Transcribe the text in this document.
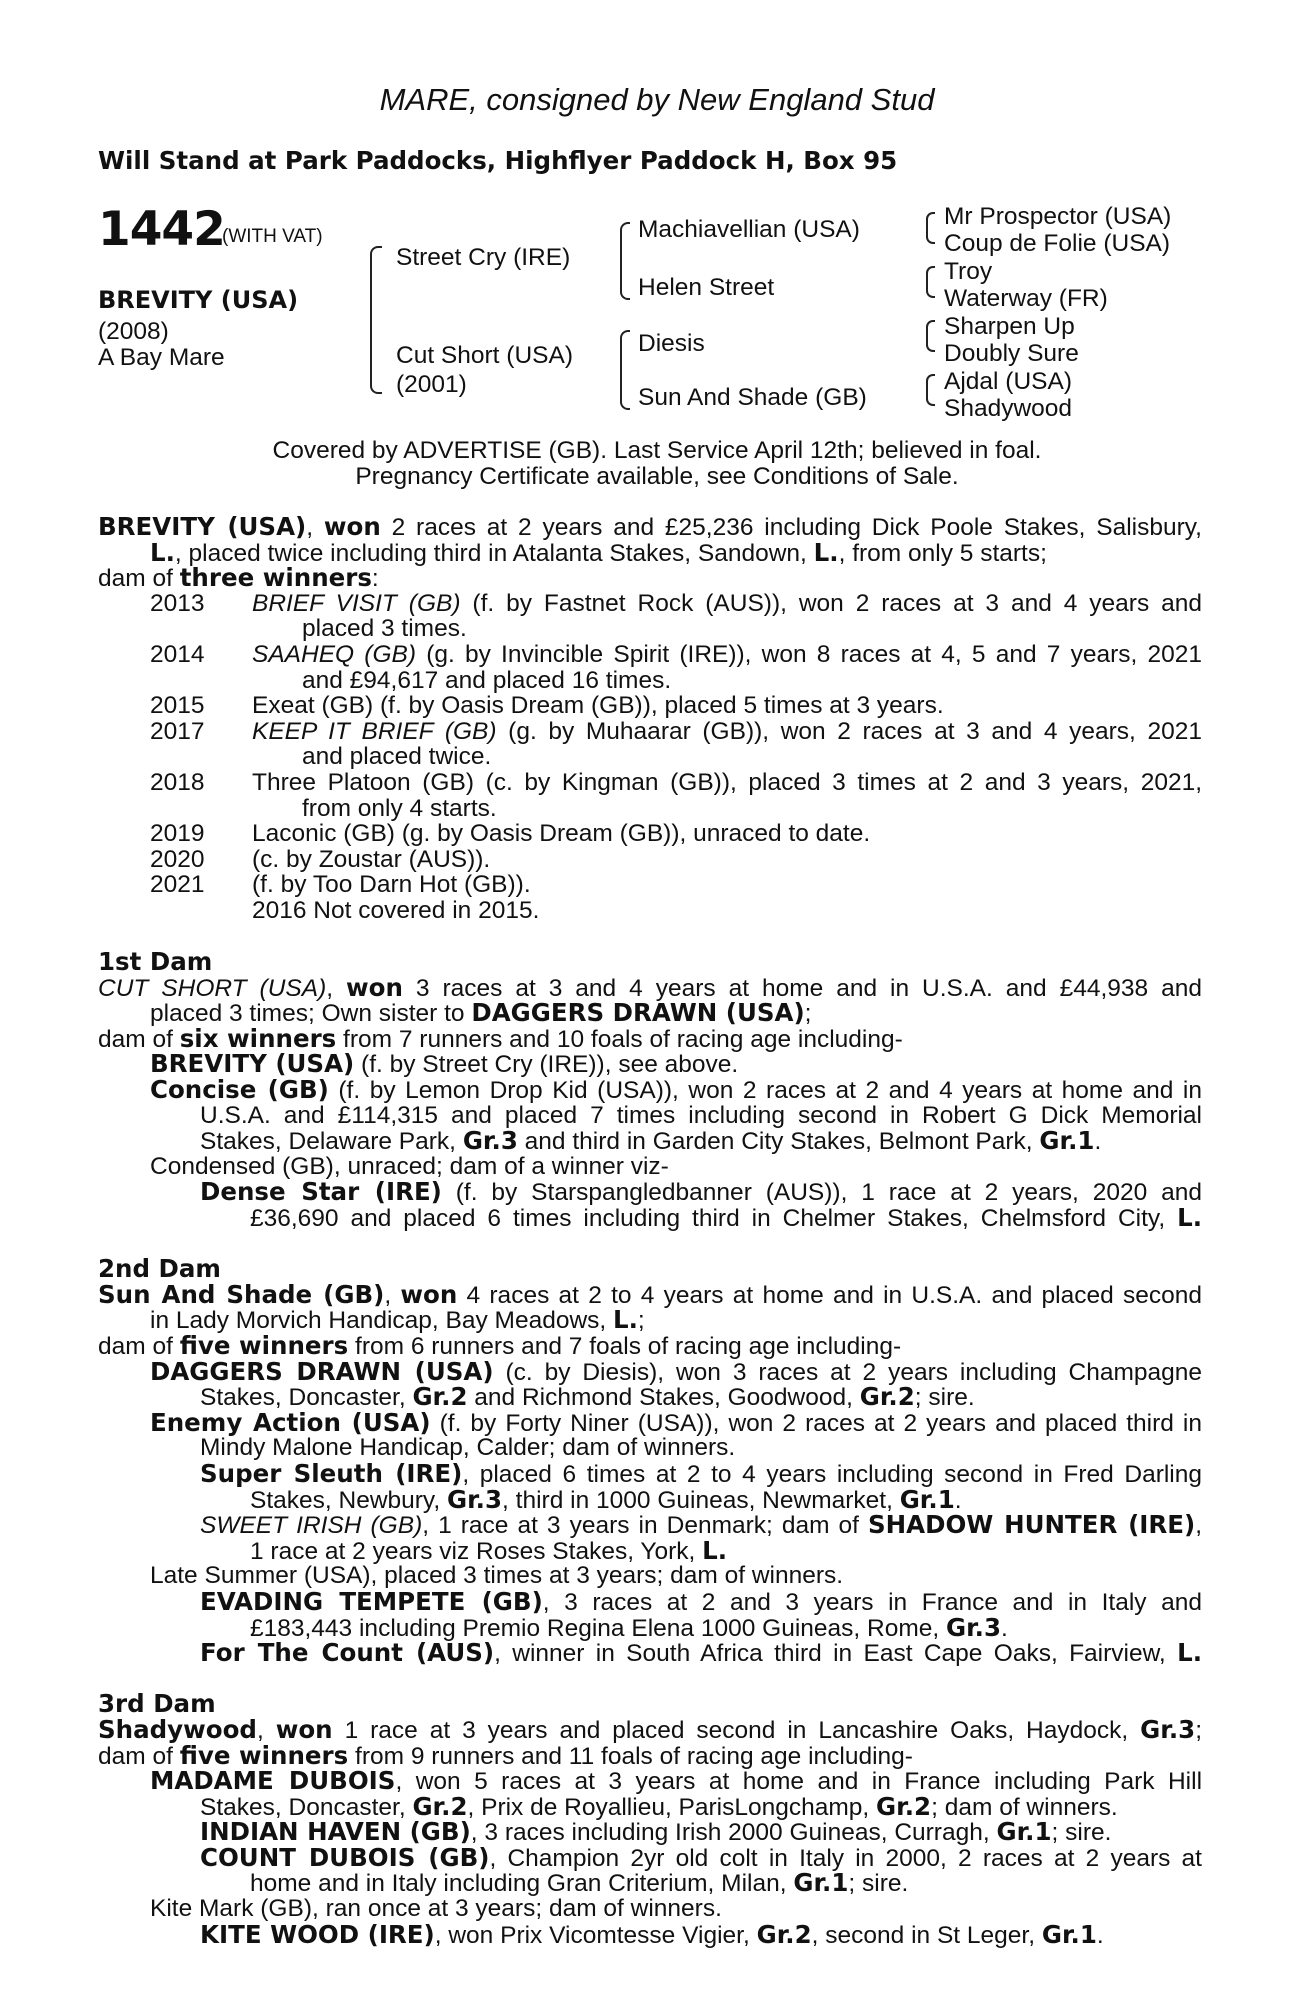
MARE, consigned by New England Stud
Will Stand at Park Paddocks, Highflyer Paddock H, Box 95
1442
(WITH VAT)
BREVITY (USA)
(2008)
A Bay Mare
Street Cry (IRE)
Cut Short (USA)
(2001)
Machiavellian (USA)
Helen Street
Diesis
Sun And Shade (GB)
Mr Prospector (USA)
Coup de Folie (USA)
Troy
Waterway (FR)
Sharpen Up
Doubly Sure
Ajdal (USA)
Shadywood
Covered by ADVERTISE (GB). Last Service April 12th; believed in foal.
Pregnancy Certificate available, see Conditions of Sale.
BREVITY (USA), won 2 races at 2 years and £25,236 including Dick Poole Stakes, Salisbury,
L., placed twice including third in Atalanta Stakes, Sandown, L., from only 5 starts;
dam of three winners:
2013 BRIEF VISIT (GB) (f. by Fastnet Rock (AUS)), won 2 races at 3 and 4 years and
placed 3 times.
2014 SAAHEQ (GB) (g. by Invincible Spirit (IRE)), won 8 races at 4, 5 and 7 years, 2021
and £94,617 and placed 16 times.
2015 Exeat (GB) (f. by Oasis Dream (GB)), placed 5 times at 3 years.
2017 KEEP IT BRIEF (GB) (g. by Muhaarar (GB)), won 2 races at 3 and 4 years, 2021
and placed twice.
2018 Three Platoon (GB) (c. by Kingman (GB)), placed 3 times at 2 and 3 years, 2021,
from only 4 starts.
2019 Laconic (GB) (g. by Oasis Dream (GB)), unraced to date.
2020 (c. by Zoustar (AUS)).
2021 (f. by Too Darn Hot (GB)).
2016 Not covered in 2015.
1st Dam
CUT SHORT (USA), won 3 races at 3 and 4 years at home and in U.S.A. and £44,938 and
placed 3 times; Own sister to DAGGERS DRAWN (USA);
dam of six winners from 7 runners and 10 foals of racing age including-
BREVITY (USA) (f. by Street Cry (IRE)), see above.
Concise (GB) (f. by Lemon Drop Kid (USA)), won 2 races at 2 and 4 years at home and in
U.S.A. and £114,315 and placed 7 times including second in Robert G Dick Memorial
Stakes, Delaware Park, Gr.3 and third in Garden City Stakes, Belmont Park, Gr.1.
Condensed (GB), unraced; dam of a winner viz-
Dense Star (IRE) (f. by Starspangledbanner (AUS)), 1 race at 2 years, 2020 and
£36,690 and placed 6 times including third in Chelmer Stakes, Chelmsford City, L.
2nd Dam
Sun And Shade (GB), won 4 races at 2 to 4 years at home and in U.S.A. and placed second
in Lady Morvich Handicap, Bay Meadows, L.;
dam of five winners from 6 runners and 7 foals of racing age including-
DAGGERS DRAWN (USA) (c. by Diesis), won 3 races at 2 years including Champagne
Stakes, Doncaster, Gr.2 and Richmond Stakes, Goodwood, Gr.2; sire.
Enemy Action (USA) (f. by Forty Niner (USA)), won 2 races at 2 years and placed third in
Mindy Malone Handicap, Calder; dam of winners.
Super Sleuth (IRE), placed 6 times at 2 to 4 years including second in Fred Darling
Stakes, Newbury, Gr.3, third in 1000 Guineas, Newmarket, Gr.1.
SWEET IRISH (GB), 1 race at 3 years in Denmark; dam of SHADOW HUNTER (IRE),
1 race at 2 years viz Roses Stakes, York, L.
Late Summer (USA), placed 3 times at 3 years; dam of winners.
EVADING TEMPETE (GB), 3 races at 2 and 3 years in France and in Italy and
£183,443 including Premio Regina Elena 1000 Guineas, Rome, Gr.3.
For The Count (AUS), winner in South Africa third in East Cape Oaks, Fairview, L.
3rd Dam
Shadywood, won 1 race at 3 years and placed second in Lancashire Oaks, Haydock, Gr.3;
dam of five winners from 9 runners and 11 foals of racing age including-
MADAME DUBOIS, won 5 races at 3 years at home and in France including Park Hill
Stakes, Doncaster, Gr.2, Prix de Royallieu, ParisLongchamp, Gr.2; dam of winners.
INDIAN HAVEN (GB), 3 races including Irish 2000 Guineas, Curragh, Gr.1; sire.
COUNT DUBOIS (GB), Champion 2yr old colt in Italy in 2000, 2 races at 2 years at
home and in Italy including Gran Criterium, Milan, Gr.1; sire.
Kite Mark (GB), ran once at 3 years; dam of winners.
KITE WOOD (IRE), won Prix Vicomtesse Vigier, Gr.2, second in St Leger, Gr.1.
